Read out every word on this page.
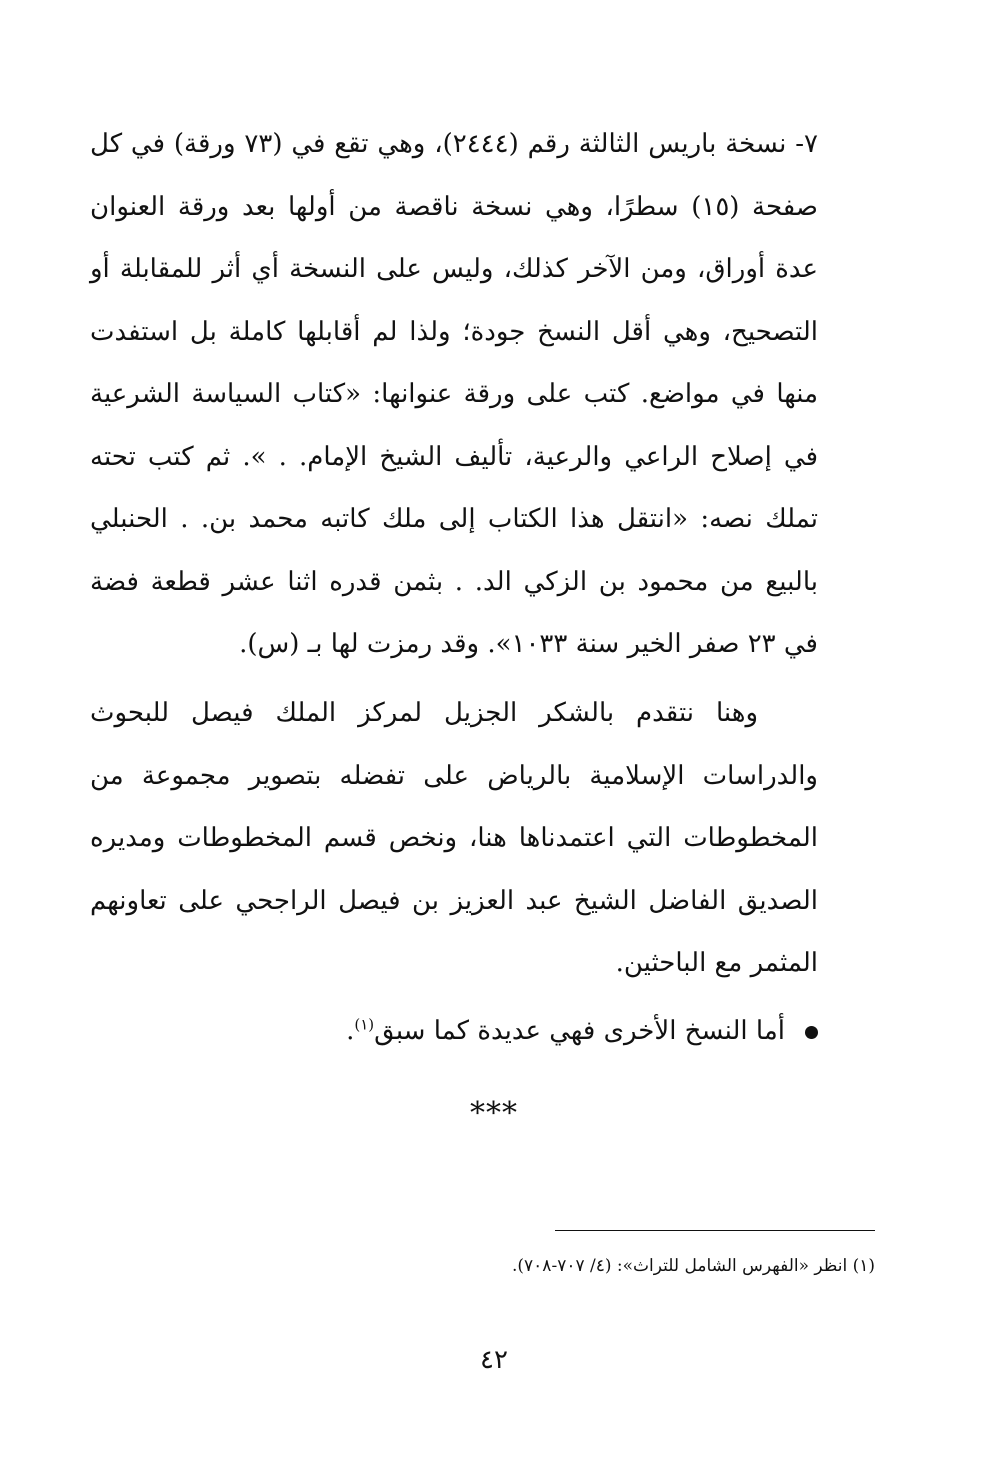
٧- نسخة باريس الثالثة رقم (٢٤٤٤)، وهي تقع في (٧٣ ورقة) في كل صفحة (١٥) سطرًا، وهي نسخة ناقصة من أولها بعد ورقة العنوان عدة أوراق، ومن الآخر كذلك، وليس على النسخة أي أثر للمقابلة أو التصحيح، وهي أقل النسخ جودة؛ ولذا لم أقابلها كاملة بل استفدت منها في مواضع. كتب على ورقة عنوانها: «كتاب السياسة الشرعية في إصلاح الراعي والرعية، تأليف الشيخ الإمام. . ». ثم كتب تحته تملك نصه: «انتقل هذا الكتاب إلى ملك كاتبه محمد بن. . الحنبلي بالبيع من محمود بن الزكي الد. . بثمن قدره اثنا عشر قطعة فضة في ٢٣ صفر الخير سنة ١٠٣٣». وقد رمزت لها بـ (س).

وهنا نتقدم بالشكر الجزيل لمركز الملك فيصل للبحوث والدراسات الإسلامية بالرياض على تفضله بتصوير مجموعة من المخطوطات التي اعتمدناها هنا، ونخص قسم المخطوطات ومديره الصديق الفاضل الشيخ عبد العزيز بن فيصل الراجحي على تعاونهم المثمر مع الباحثين.

أما النسخ الأخرى فهي عديدة كما سبق$^{(١)}$.
***
(١) انظر «الفهرس الشامل للتراث»: (٤/ ٧٠٧-٧٠٨).
٤٢
